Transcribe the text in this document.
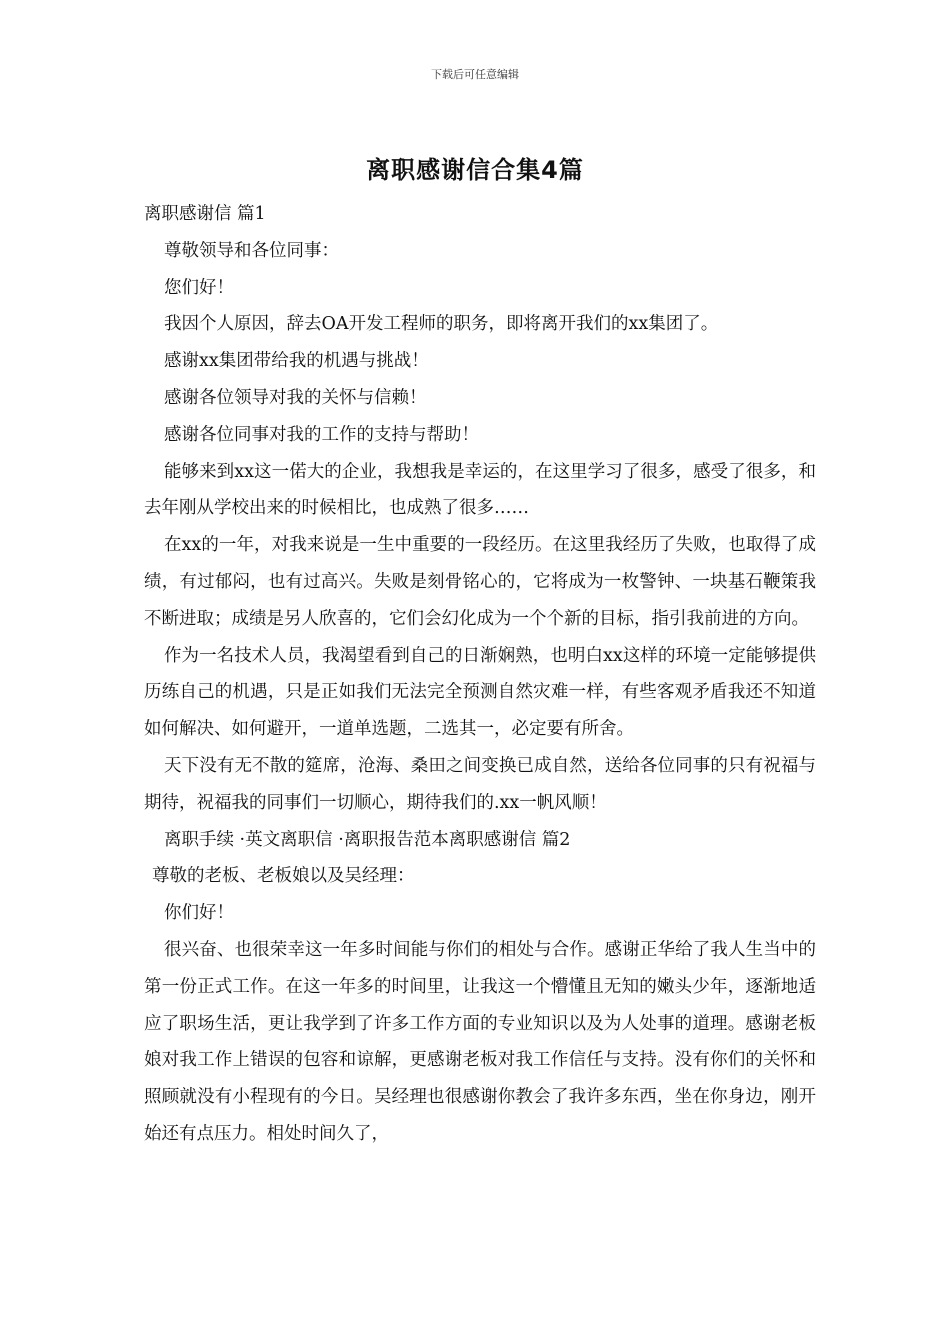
下载后可任意编辑
离职感谢信合集4篇

离职感谢信 篇1

尊敬领导和各位同事：

您们好！

我因个人原因，辞去OA开发工程师的职务，即将离开我们的xx集团了。

感谢xx集团带给我的机遇与挑战！

感谢各位领导对我的关怀与信赖！

感谢各位同事对我的工作的支持与帮助！

能够来到xx这一偌大的企业，我想我是幸运的，在这里学习了很多，感受了很多，和去年刚从学校出来的时候相比，也成熟了很多……

在xx的一年，对我来说是一生中重要的一段经历。在这里我经历了失败，也取得了成绩，有过郁闷，也有过高兴。失败是刻骨铭心的，它将成为一枚警钟、一块基石鞭策我不断进取；成绩是另人欣喜的，它们会幻化成为一个个新的目标，指引我前进的方向。

作为一名技术人员，我渴望看到自己的日渐娴熟，也明白xx这样的环境一定能够提供历练自己的机遇，只是正如我们无法完全预测自然灾难一样，有些客观矛盾我还不知道如何解决、如何避开，一道单选题，二选其一，必定要有所舍。

天下没有无不散的筵席，沧海、桑田之间变换已成自然，送给各位同事的只有祝福与期待，祝福我的同事们一切顺心，期待我们的.xx一帆风顺！

离职手续 ·英文离职信 ·离职报告范本离职感谢信 篇2

尊敬的老板、老板娘以及吴经理：

你们好！

很兴奋、也很荣幸这一年多时间能与你们的相处与合作。感谢正华给了我人生当中的第一份正式工作。在这一年多的时间里，让我这一个懵懂且无知的嫩头少年，逐渐地适应了职场生活，更让我学到了许多工作方面的专业知识以及为人处事的道理。感谢老板娘对我工作上错误的包容和谅解，更感谢老板对我工作信任与支持。没有你们的关怀和照顾就没有小程现有的今日。吴经理也很感谢你教会了我许多东西，坐在你身边，刚开始还有点压力。相处时间久了，
